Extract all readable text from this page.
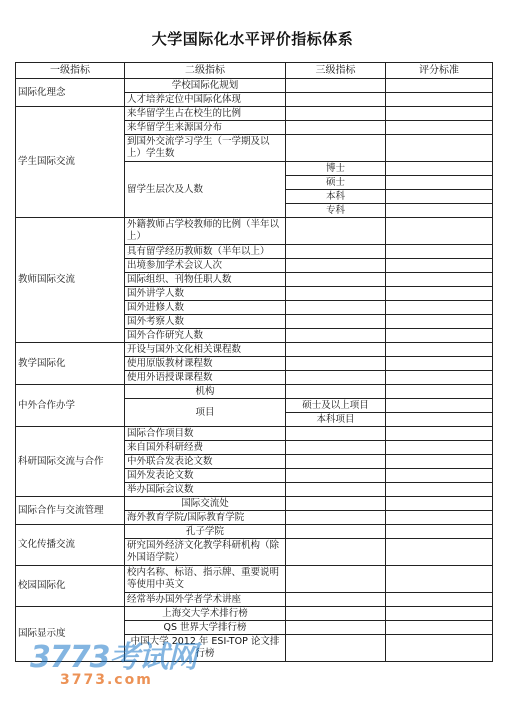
大学国际化水平评价指标体系
一级指标	二级指标	三级指标	评分标准
国际化理念	学校国际化规划		
	人才培养定位中国际化体现		
学生国际交流	来华留学生占在校生的比例		
	来华留学生来源国分布		
	到国外交流学习学生（一学期及以上）学生数		
	留学生层次及人数	博士	
		硕士	
		本科	
		专科	
教师国际交流	外籍教师占学校教师的比例（半年以上）		
	具有留学经历教师数（半年以上）		
	出境参加学术会议人次		
	国际组织、刊物任职人数		
	国外讲学人数		
	国外进修人数		
	国外考察人数		
	国外合作研究人数		
教学国际化	开设与国外文化相关课程数		
	使用原版教材课程数		
	使用外语授课课程数		
中外合作办学	机构		
	项目	硕士及以上项目	
		本科项目	
科研国际交流与合作	国际合作项目数		
	来自国外科研经费		
	中外联合发表论文数		
	国外发表论文数		
	举办国际会议数		
国际合作与交流管理	国际交流处		
	海外教育学院/国际教育学院		
文化传播交流	孔子学院		
	研究国外经济文化教学科研机构（除外国语学院）		
校园国际化	校内名称、标语、指示牌、重要说明等使用中英文		
	经常举办国外学者学术讲座		
国际显示度	上海交大学术排行榜		
	QS 世界大学排行榜		
	中国大学 2012 年 ESI-TOP 论文排行榜		
3773考试网
3773.com
